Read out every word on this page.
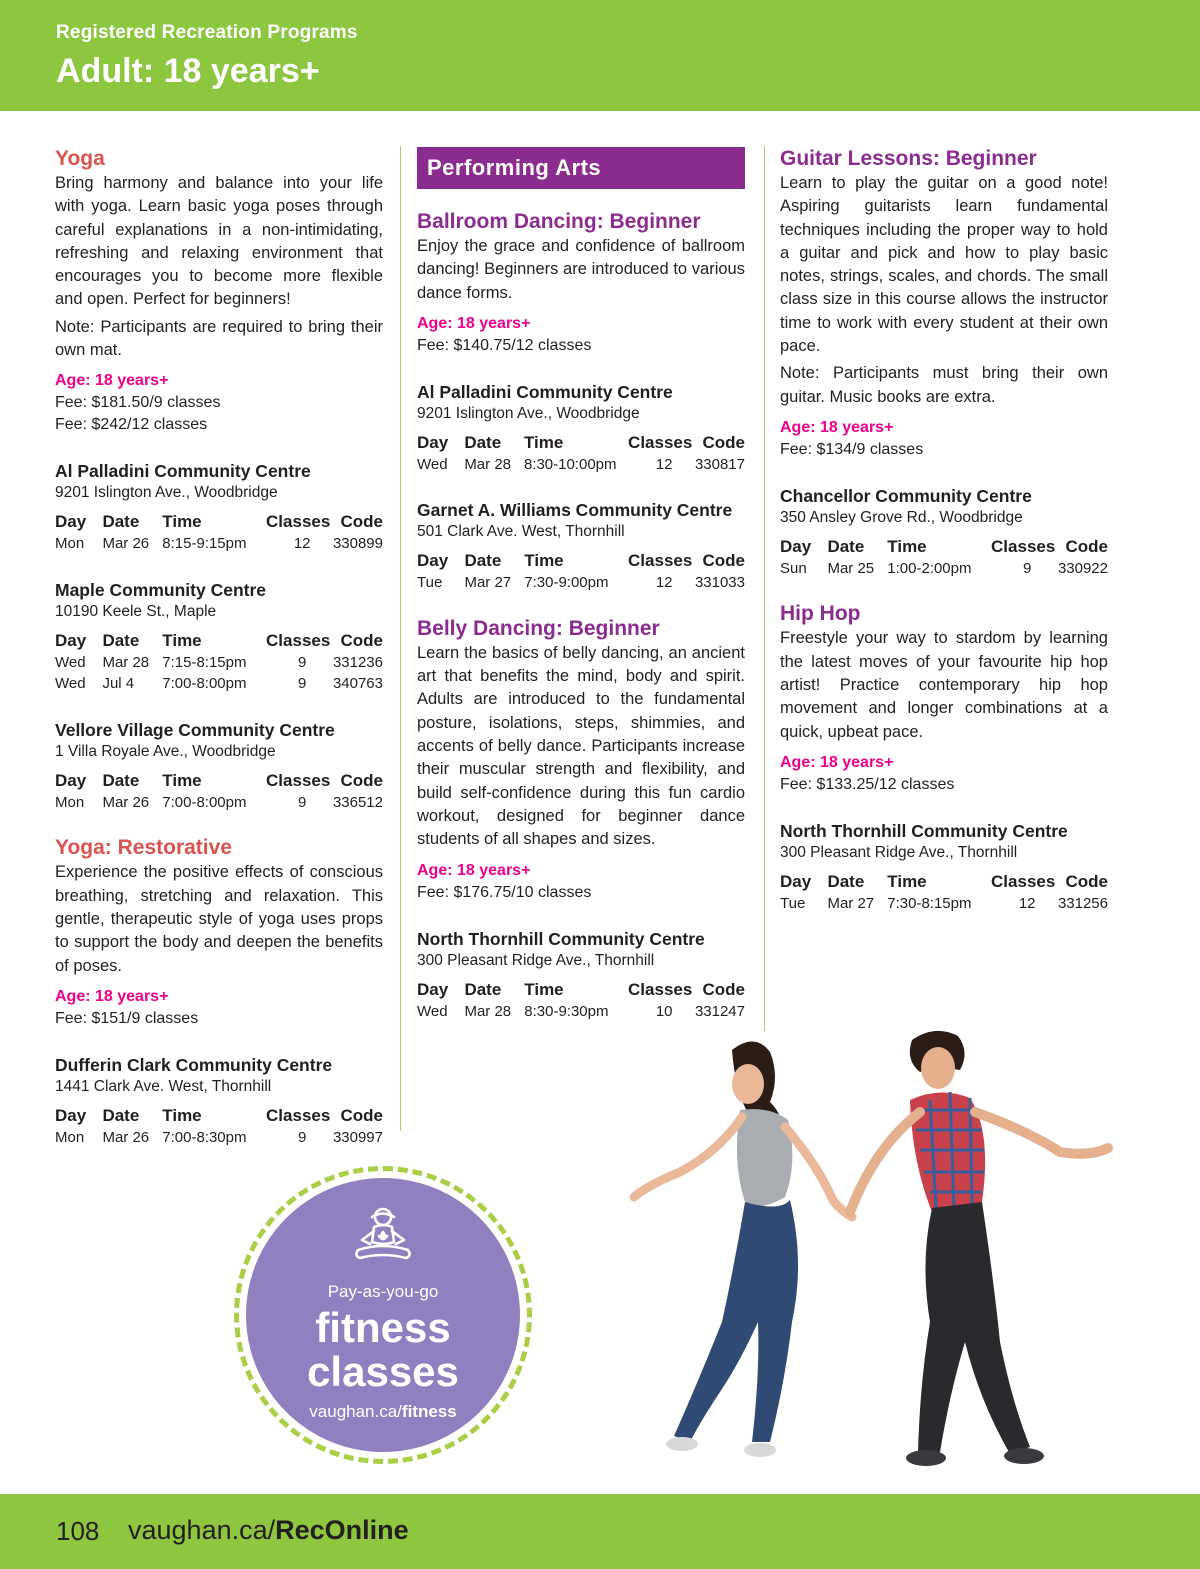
Registered Recreation Programs
Adult: 18 years+
Yoga
Bring harmony and balance into your life with yoga. Learn basic yoga poses through careful explanations in a non-intimidating, refreshing and relaxing environment that encourages you to become more flexible and open. Perfect for beginners!
Note: Participants are required to bring their own mat.
Age: 18 years+
Fee: $181.50/9 classes
Fee: $242/12 classes
Al Palladini Community Centre
9201 Islington Ave., Woodbridge
Day	Date	Time	Classes	Code
Mon	Mar 26	8:15-9:15pm	12	330899
Maple Community Centre
10190 Keele St., Maple
Day	Date	Time	Classes	Code
Wed	Mar 28	7:15-8:15pm	9	331236
Wed	Jul 4	7:00-8:00pm	9	340763
Vellore Village Community Centre
1 Villa Royale Ave., Woodbridge
Day	Date	Time	Classes	Code
Mon	Mar 26	7:00-8:00pm	9	336512
Yoga: Restorative
Experience the positive effects of conscious breathing, stretching and relaxation. This gentle, therapeutic style of yoga uses props to support the body and deepen the benefits of poses.
Age: 18 years+
Fee: $151/9 classes
Dufferin Clark Community Centre
1441 Clark Ave. West, Thornhill
Day	Date	Time	Classes	Code
Mon	Mar 26	7:00-8:30pm	9	330997
Performing Arts
Ballroom Dancing: Beginner
Enjoy the grace and confidence of ballroom dancing! Beginners are introduced to various dance forms.
Age: 18 years+
Fee: $140.75/12 classes
Al Palladini Community Centre
9201 Islington Ave., Woodbridge
Day	Date	Time	Classes	Code
Wed	Mar 28	8:30-10:00pm	12	330817
Garnet A. Williams Community Centre
501 Clark Ave. West, Thornhill
Day	Date	Time	Classes	Code
Tue	Mar 27	7:30-9:00pm	12	331033
Belly Dancing: Beginner
Learn the basics of belly dancing, an ancient art that benefits the mind, body and spirit. Adults are introduced to the fundamental posture, isolations, steps, shimmies, and accents of belly dance. Participants increase their muscular strength and flexibility, and build self-confidence during this fun cardio workout, designed for beginner dance students of all shapes and sizes.
Age: 18 years+
Fee: $176.75/10 classes
North Thornhill Community Centre
300 Pleasant Ridge Ave., Thornhill
Day	Date	Time	Classes	Code
Wed	Mar 28	8:30-9:30pm	10	331247
Guitar Lessons: Beginner
Learn to play the guitar on a good note! Aspiring guitarists learn fundamental techniques including the proper way to hold a guitar and pick and how to play basic notes, strings, scales, and chords. The small class size in this course allows the instructor time to work with every student at their own pace.
Note: Participants must bring their own guitar. Music books are extra.
Age: 18 years+
Fee: $134/9 classes
Chancellor Community Centre
350 Ansley Grove Rd., Woodbridge
Day	Date	Time	Classes	Code
Sun	Mar 25	1:00-2:00pm	9	330922
Hip Hop
Freestyle your way to stardom by learning the latest moves of your favourite hip hop artist! Practice contemporary hip hop movement and longer combinations at a quick, upbeat pace.
Age: 18 years+
Fee: $133.25/12 classes
North Thornhill Community Centre
300 Pleasant Ridge Ave., Thornhill
Day	Date	Time	Classes	Code
Tue	Mar 27	7:30-8:15pm	12	331256
Pay-as-you-go
fitness
classes
vaughan.ca/fitness
108 vaughan.ca/RecOnline
